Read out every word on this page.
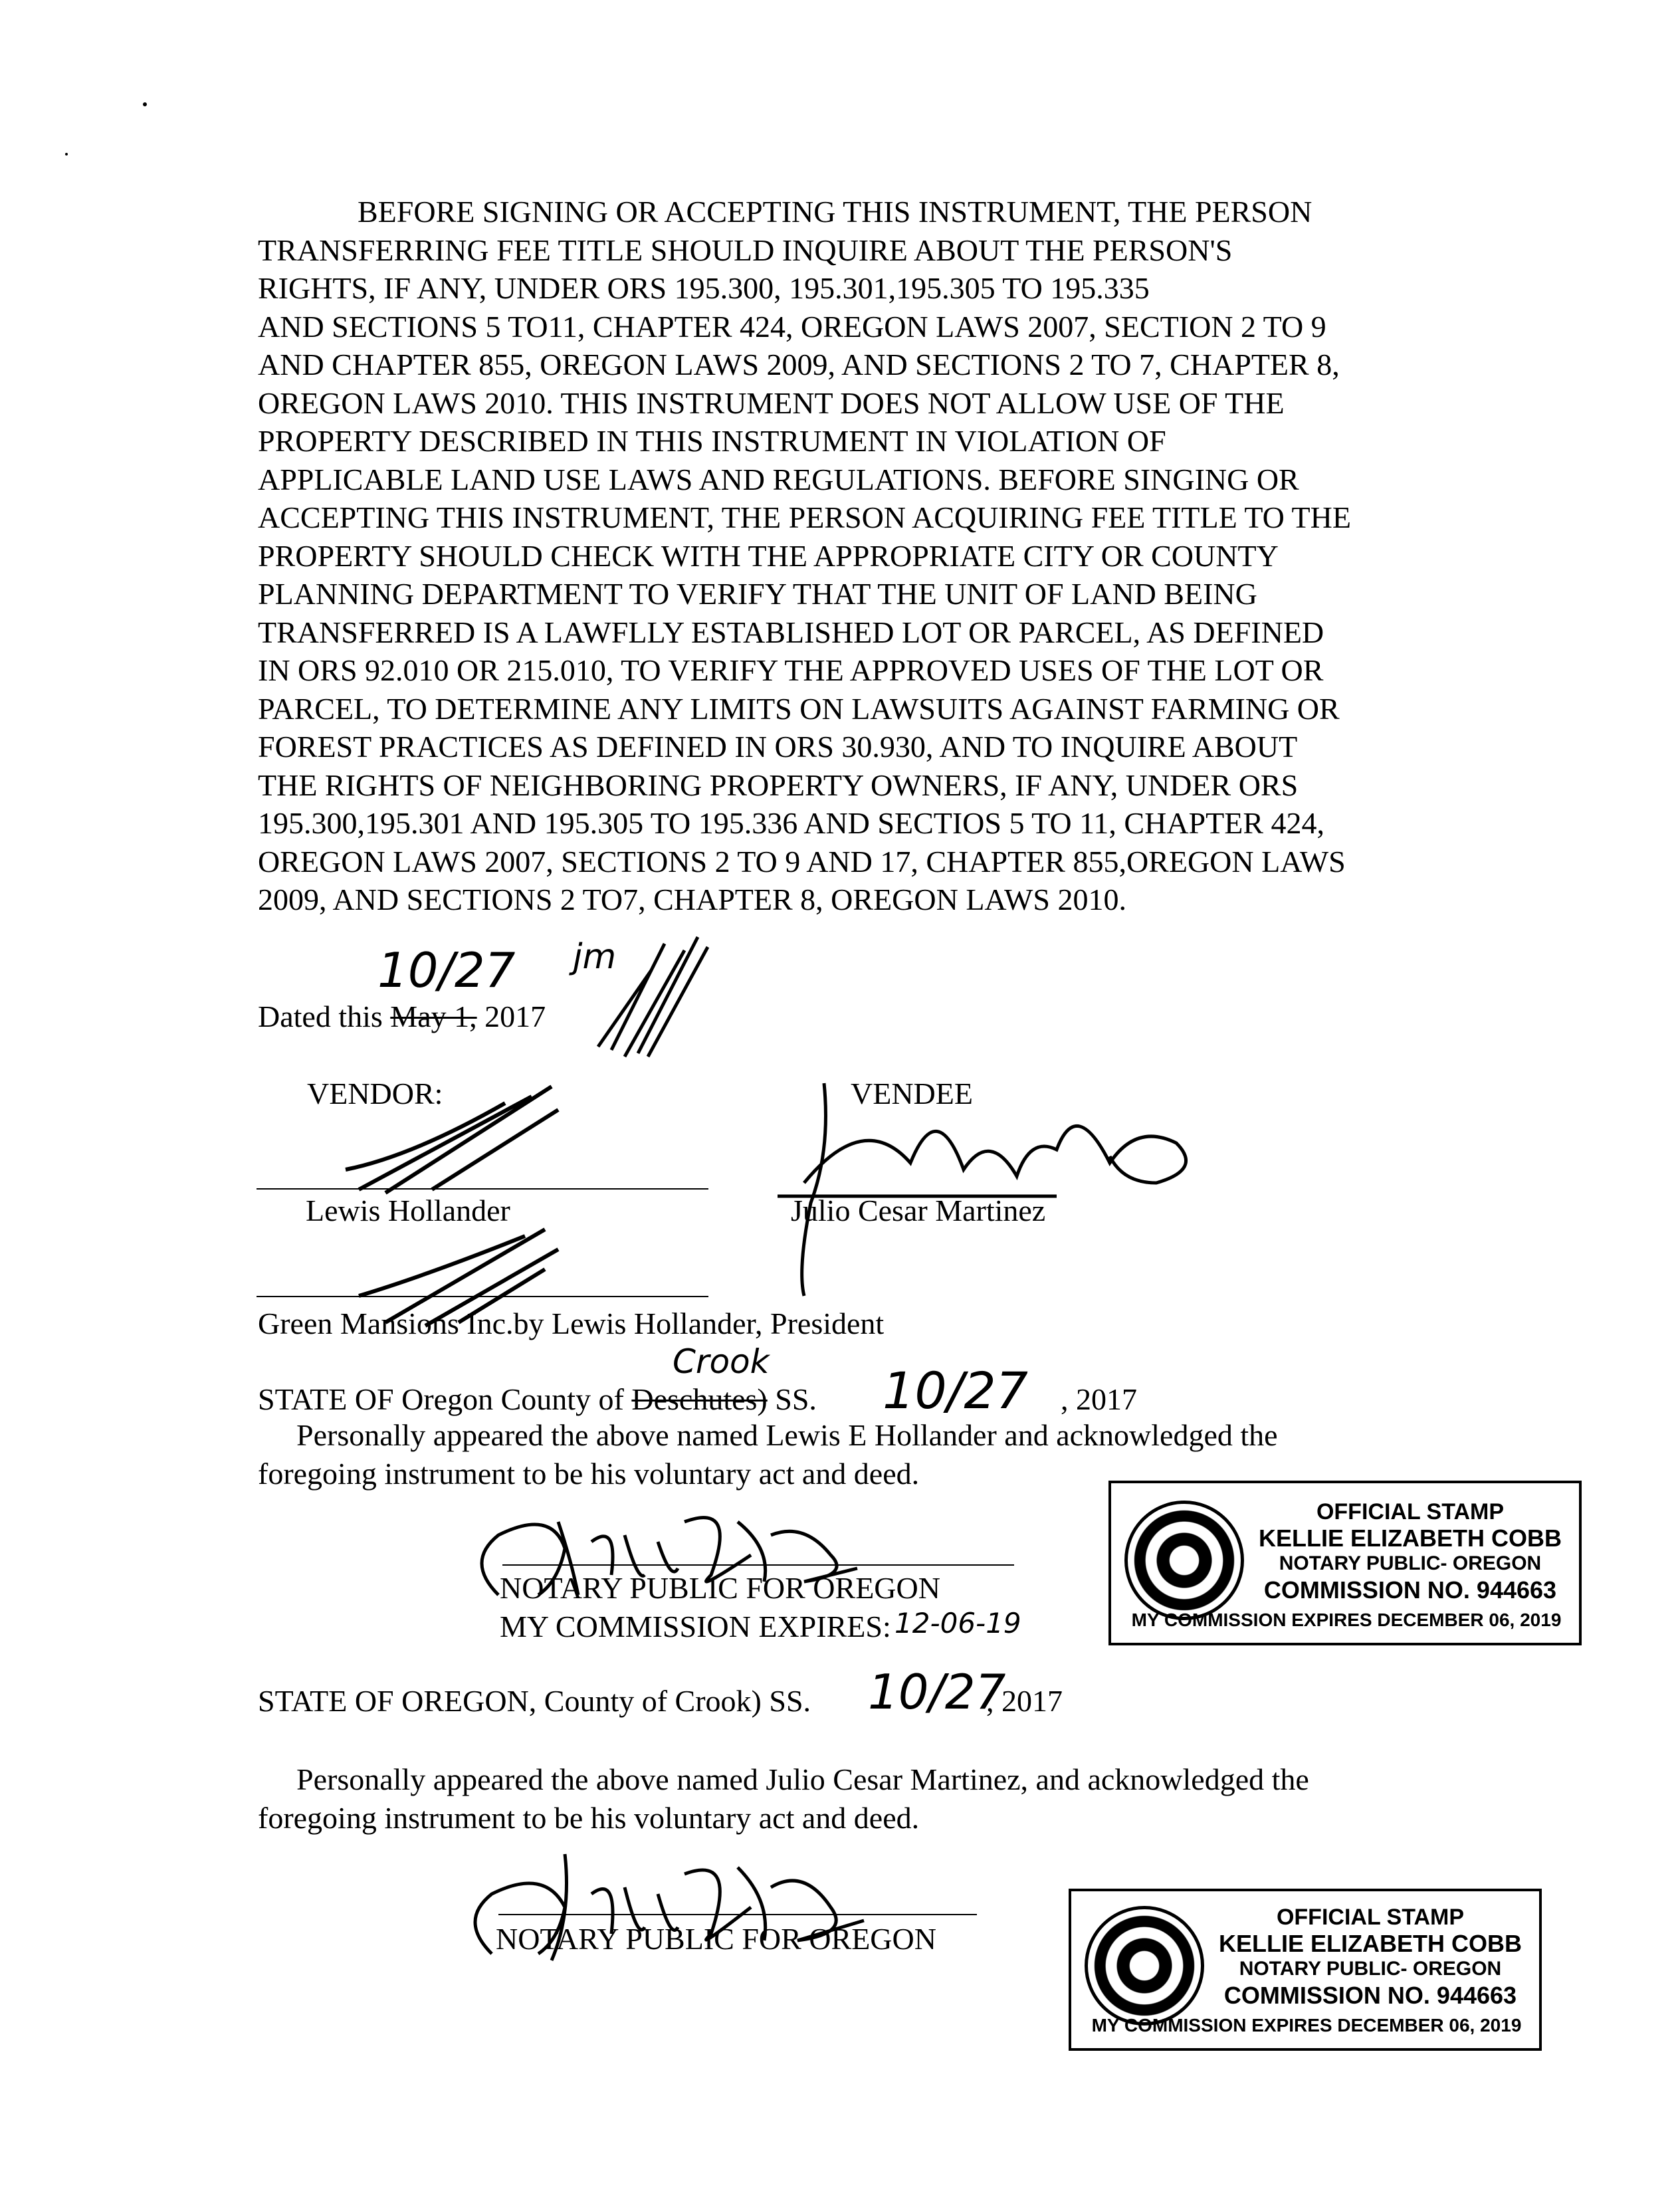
BEFORE SIGNING OR ACCEPTING THIS INSTRUMENT, THE PERSON
TRANSFERRING FEE TITLE SHOULD INQUIRE ABOUT THE PERSON'S
RIGHTS, IF ANY, UNDER ORS 195.300, 195.301,195.305 TO 195.335
AND SECTIONS 5 TO11, CHAPTER 424, OREGON LAWS 2007, SECTION 2 TO 9
AND CHAPTER 855, OREGON LAWS 2009, AND SECTIONS 2 TO 7, CHAPTER 8,
OREGON LAWS 2010. THIS INSTRUMENT DOES NOT ALLOW USE OF THE
PROPERTY DESCRIBED IN THIS INSTRUMENT IN VIOLATION OF
APPLICABLE LAND USE LAWS AND REGULATIONS. BEFORE SINGING OR
ACCEPTING THIS INSTRUMENT, THE PERSON ACQUIRING FEE TITLE TO THE
PROPERTY SHOULD CHECK WITH THE APPROPRIATE CITY OR COUNTY
PLANNING DEPARTMENT TO VERIFY THAT THE UNIT OF LAND BEING
TRANSFERRED IS A LAWFLLY ESTABLISHED LOT OR PARCEL, AS DEFINED
IN ORS 92.010 OR 215.010, TO VERIFY THE APPROVED USES OF THE LOT OR
PARCEL, TO DETERMINE ANY LIMITS ON LAWSUITS AGAINST FARMING OR
FOREST PRACTICES AS DEFINED IN ORS 30.930, AND TO INQUIRE ABOUT
THE RIGHTS OF NEIGHBORING PROPERTY OWNERS, IF ANY, UNDER ORS
195.300,195.301 AND 195.305 TO 195.336 AND SECTIOS 5 TO 11, CHAPTER 424,
OREGON LAWS 2007, SECTIONS 2 TO 9 AND 17, CHAPTER 855,OREGON LAWS
2009, AND SECTIONS 2 TO7, CHAPTER 8, OREGON LAWS 2010.
Dated this May 1, 2017
10/27 jm
VENDOR:	VENDEE
Lewis Hollander	Julio Cesar Martinez
Green Mansions Inc.by Lewis Hollander, President
STATE OF Oregon County of Deschutes) SS.
Crook 10/27 , 2017
Personally appeared the above named Lewis E Hollander and acknowledged the
foregoing instrument to be his voluntary act and deed.
NOTARY PUBLIC FOR OREGON
MY COMMISSION EXPIRES: 12-06-19
OFFICIAL STAMP
KELLIE ELIZABETH COBB
NOTARY PUBLIC- OREGON
COMMISSION NO. 944663
MY COMMISSION EXPIRES DECEMBER 06, 2019
STATE OF OREGON, County of Crook) SS. 10/27
, 2017
Personally appeared the above named Julio Cesar Martinez, and acknowledged the
foregoing instrument to be his voluntary act and deed.
NOTARY PUBLIC FOR OREGON
OFFICIAL STAMP
KELLIE ELIZABETH COBB
NOTARY PUBLIC- OREGON
COMMISSION NO. 944663
MY COMMISSION EXPIRES DECEMBER 06, 2019
